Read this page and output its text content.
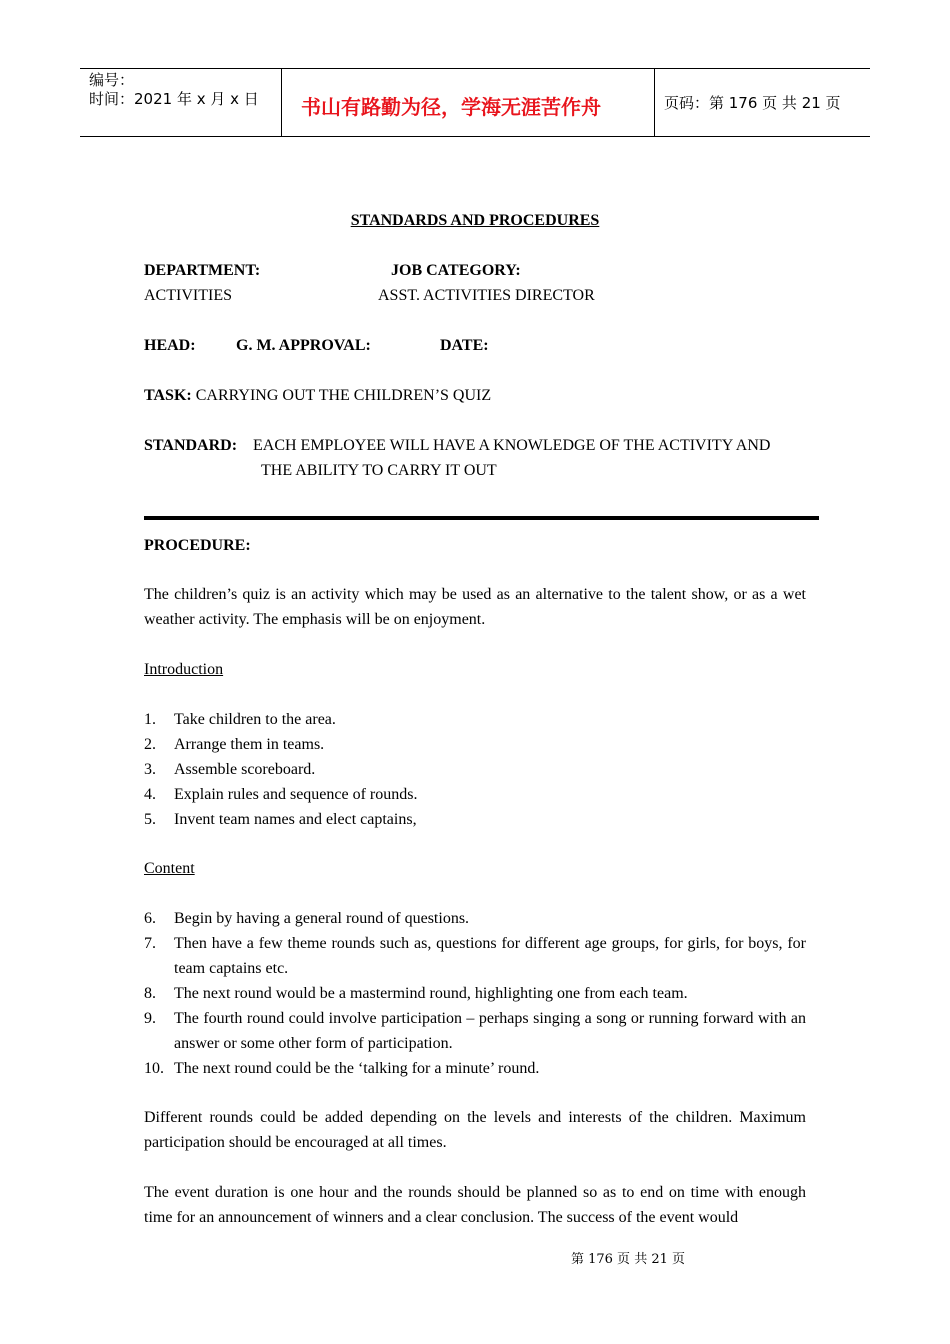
编号：
时间：2021 年 x 月 x 日 书山有路勤为径，学海无涯苦作舟	页码：第 176 页 共 21 页
STANDARDS AND PROCEDURES
DEPARTMENT:	JOB CATEGORY:
ACTIVITIES	ASST. ACTIVITIES DIRECTOR
HEAD:	G. M. APPROVAL:	DATE:
TASK: CARRYING OUT THE CHILDREN’S QUIZ
STANDARD: EACH EMPLOYEE WILL HAVE A KNOWLEDGE OF THE ACTIVITY AND
THE ABILITY TO CARRY IT OUT
PROCEDURE:
The children’s quiz is an activity which may be used as an alternative to the talent show, or as a wet weather activity. The emphasis will be on enjoyment.
Introduction
1. Take children to the area.
2. Arrange them in teams.
3. Assemble scoreboard.
4. Explain rules and sequence of rounds.
5. Invent team names and elect captains,
Content
6. Begin by having a general round of questions.
7. Then have a few theme rounds such as, questions for different age groups, for girls, for boys, for team captains etc.
8. The next round would be a mastermind round, highlighting one from each team.
9. The fourth round could involve participation – perhaps singing a song or running forward with an answer or some other form of participation.
10. The next round could be the ‘talking for a minute’ round.
Different rounds could be added depending on the levels and interests of the children. Maximum participation should be encouraged at all times.
The event duration is one hour and the rounds should be planned so as to end on time with enough time for an announcement of winners and a clear conclusion. The success of the event would
第 176 页 共 21 页
